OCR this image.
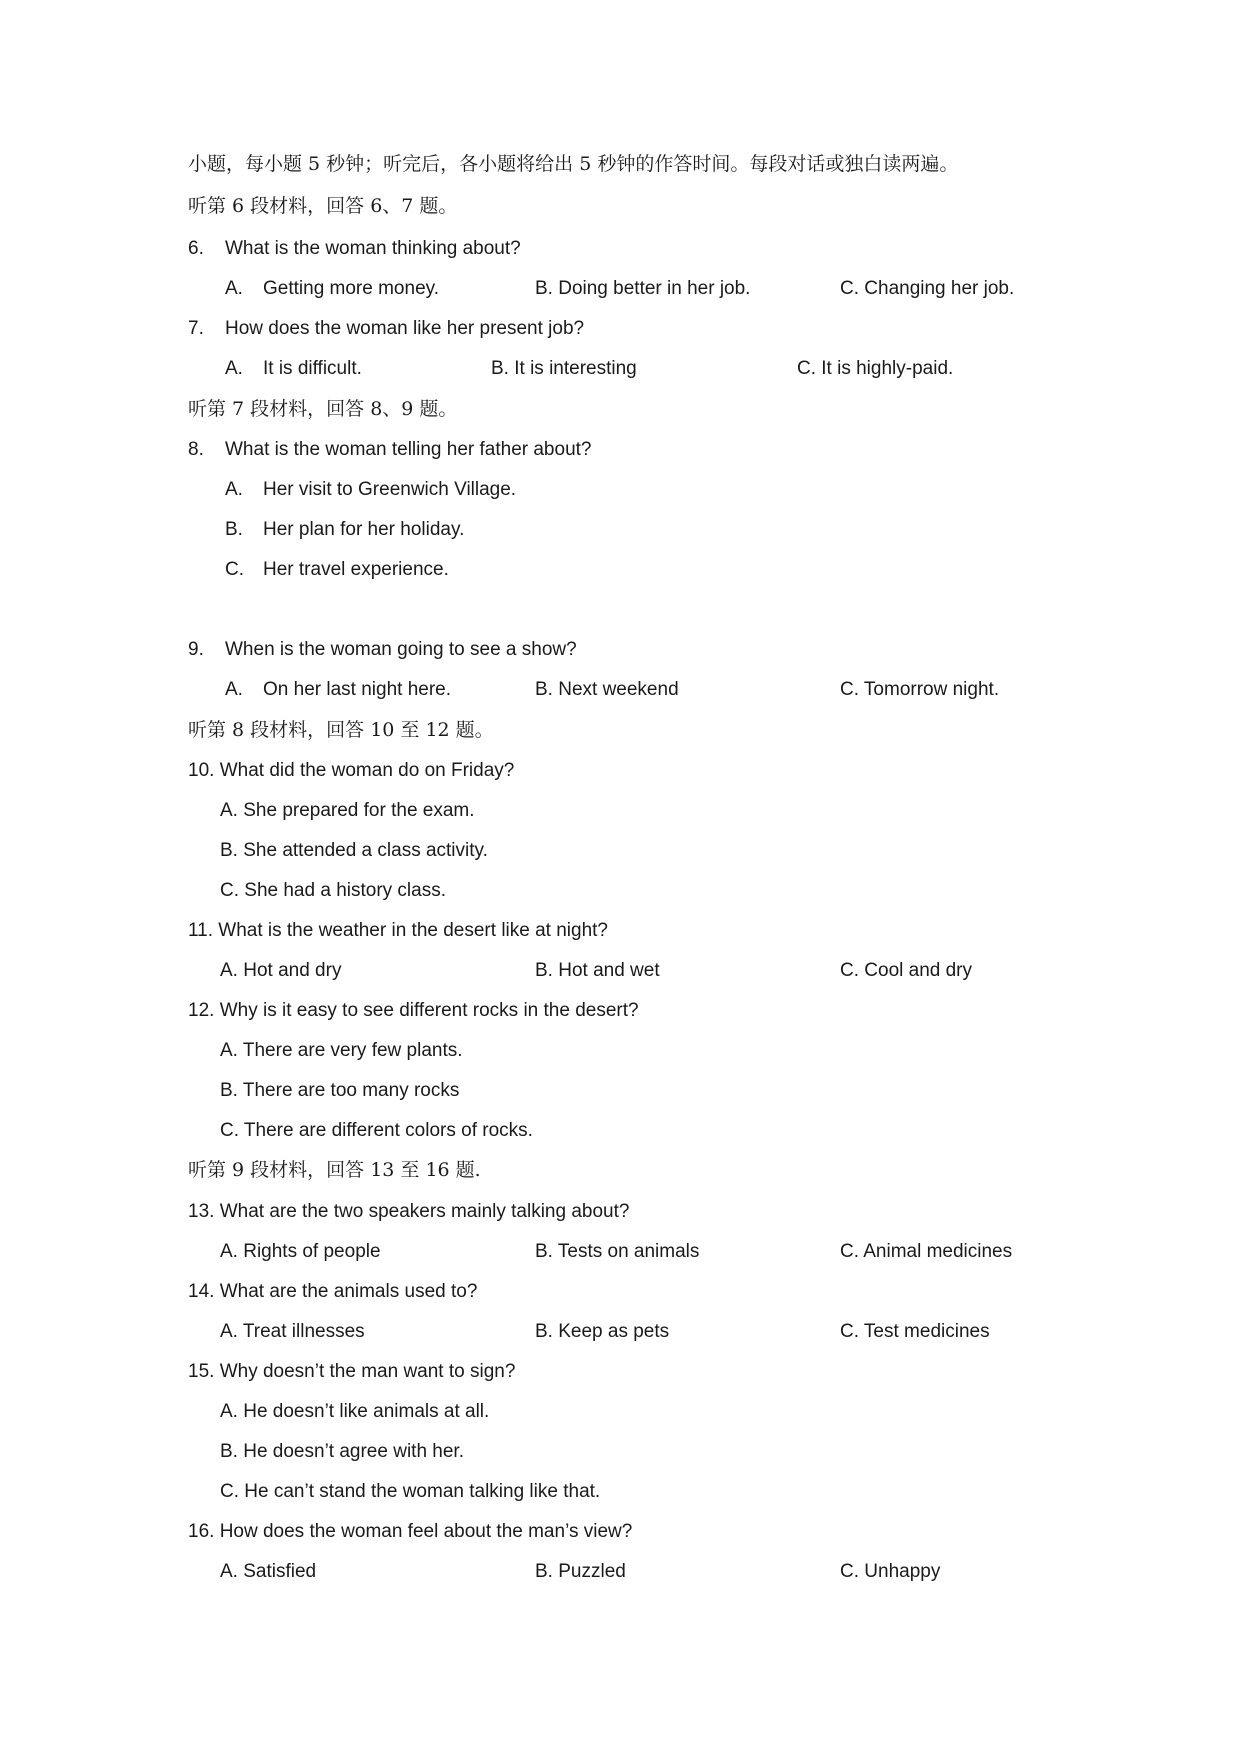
小题，每小题 5 秒钟；听完后，各小题将给出 5 秒钟的作答时间。每段对话或独白读两遍。
听第 6 段材料，回答 6、7 题。
6. What is the woman thinking about?
A. Getting more money.	B. Doing better in her job.	C. Changing her job.
7. How does the woman like her present job?
A. It is difficult.	B. It is interesting	C. It is highly-paid.
听第 7 段材料，回答 8、9 题。
8. What is the woman telling her father about?
A. Her visit to Greenwich Village.
B. Her plan for her holiday.
C. Her travel experience.
9. When is the woman going to see a show?
A. On her last night here.	B. Next weekend	C. Tomorrow night.
听第 8 段材料，回答 10 至 12 题。
10. What did the woman do on Friday?
A. She prepared for the exam.
B. She attended a class activity.
C. She had a history class.
11. What is the weather in the desert like at night?
A. Hot and dry	B. Hot and wet	C. Cool and dry
12. Why is it easy to see different rocks in the desert?
A. There are very few plants.
B. There are too many rocks
C. There are different colors of rocks.
听第 9 段材料，回答 13 至 16 题.
13. What are the two speakers mainly talking about?
A. Rights of people	B. Tests on animals	C. Animal medicines
14. What are the animals used to?
A. Treat illnesses	B. Keep as pets	C. Test medicines
15. Why doesn’t the man want to sign?
A. He doesn’t like animals at all.
B. He doesn’t agree with her.
C. He can’t stand the woman talking like that.
16. How does the woman feel about the man’s view?
A. Satisfied	B. Puzzled	C. Unhappy
